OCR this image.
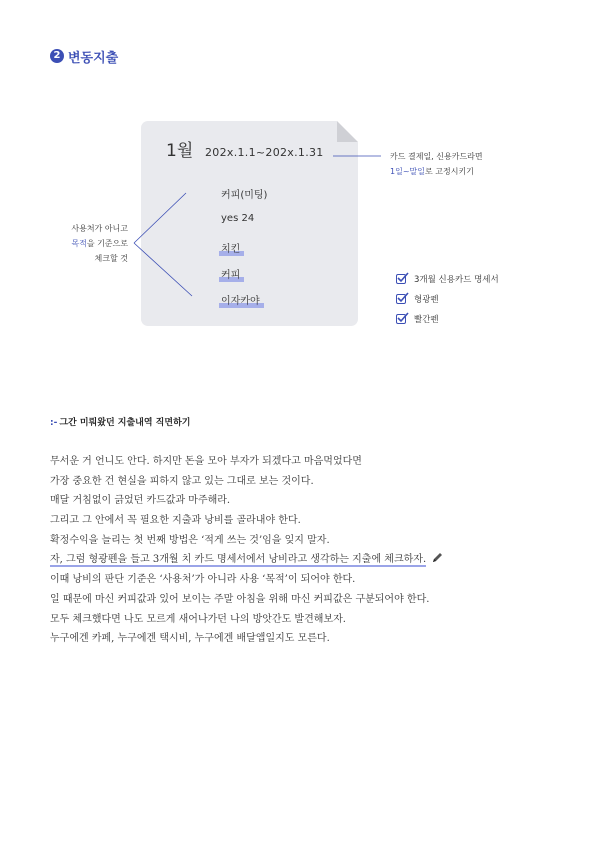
2 변동지출
1월 202x.1.1~202x.1.31
커피(미팅)
yes 24
치킨
커피
이자카야
사용처가 아니고
목적을 기준으로
체크할 것
카드 결제일, 신용카드라면
1일~말일로 고정시키기
3개월 신용카드 명세서
형광펜
빨간펜
:- 그간 미뤄왔던 지출내역 직면하기
무서운 거 언니도 안다. 하지만 돈을 모아 부자가 되겠다고 마음먹었다면
가장 중요한 건 현실을 피하지 않고 있는 그대로 보는 것이다.
매달 거침없이 긁었던 카드값과 마주해라.
그리고 그 안에서 꼭 필요한 지출과 낭비를 골라내야 한다.
확정수익을 늘리는 첫 번째 방법은 ‘적게 쓰는 것’임을 잊지 말자.
자, 그럼 형광펜을 들고 3개월 치 카드 명세서에서 낭비라고 생각하는 지출에 체크하자.
이때 낭비의 판단 기준은 ‘사용처’가 아니라 사용 ‘목적’이 되어야 한다.
일 때문에 마신 커피값과 있어 보이는 주말 아침을 위해 마신 커피값은 구분되어야 한다.
모두 체크했다면 나도 모르게 새어나가던 나의 방앗간도 발견해보자.
누구에겐 카페, 누구에겐 택시비, 누구에겐 배달앱일지도 모른다.
